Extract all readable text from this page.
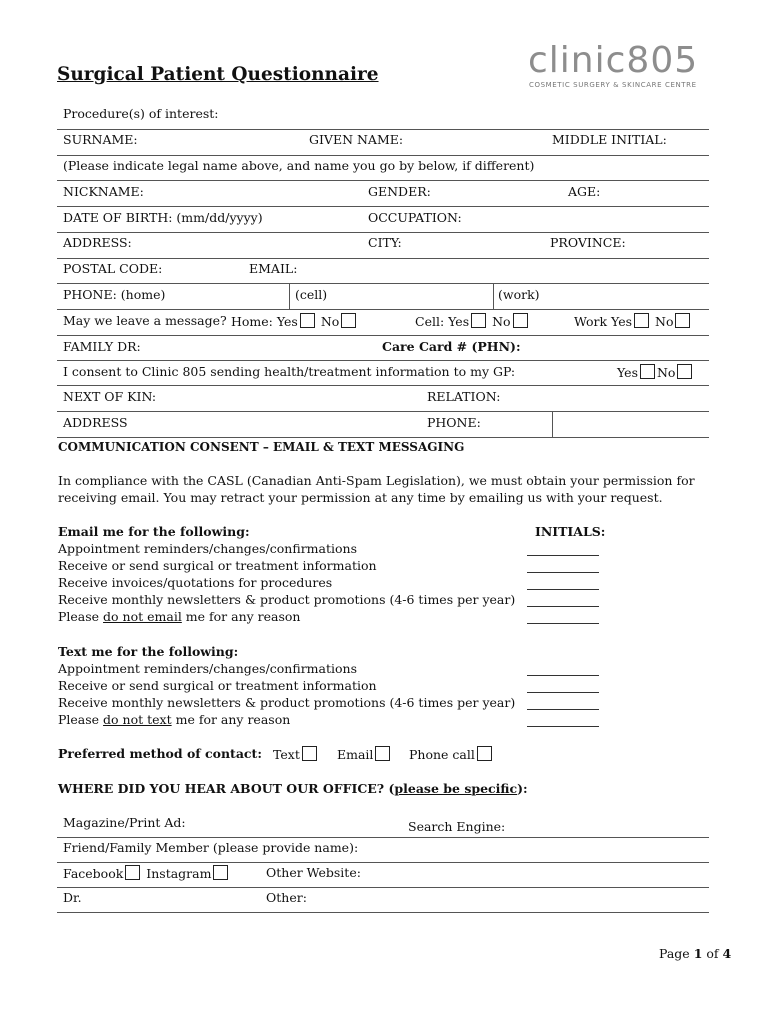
Surgical Patient Questionnaire	clinic805
COSMETIC SURGERY & SKINCARE CENTRE
Procedure(s) of interest:
SURNAME:	GIVEN NAME:	MIDDLE INITIAL:
(Please indicate legal name above, and name you go by below, if different)
NICKNAME:	GENDER:	AGE:
DATE OF BIRTH: (mm/dd/yyyy)	OCCUPATION:
ADDRESS:	CITY:	PROVINCE:
POSTAL CODE:	EMAIL:
PHONE: (home)	(cell)	(work)
May we leave a message? Home: Yes No	Cell: Yes No	Work Yes No
FAMILY DR:	Care Card # (PHN):
I consent to Clinic 805 sending health/treatment information to my GP:	Yes No
NEXT OF KIN:	RELATION:
ADDRESS	PHONE:
COMMUNICATION CONSENT – EMAIL & TEXT MESSAGING
In compliance with the CASL (Canadian Anti-Spam Legislation), we must obtain your permission for
receiving email. You may retract your permission at any time by emailing us with your request.
Email me for the following:	INITIALS:
Appointment reminders/changes/confirmations
Receive or send surgical or treatment information
Receive invoices/quotations for procedures
Receive monthly newsletters & product promotions (4-6 times per year)
Please do not email me for any reason
Text me for the following:
Appointment reminders/changes/confirmations
Receive or send surgical or treatment information
Receive monthly newsletters & product promotions (4-6 times per year)
Please do not text me for any reason
Preferred method of contact: Text	Email	Phone call
WHERE DID YOU HEAR ABOUT OUR OFFICE? (please be specific):
Magazine/Print Ad:	Search Engine:
Friend/Family Member (please provide name):
Facebook Instagram	Other Website:
Dr.	Other:
Page 1 of 4
